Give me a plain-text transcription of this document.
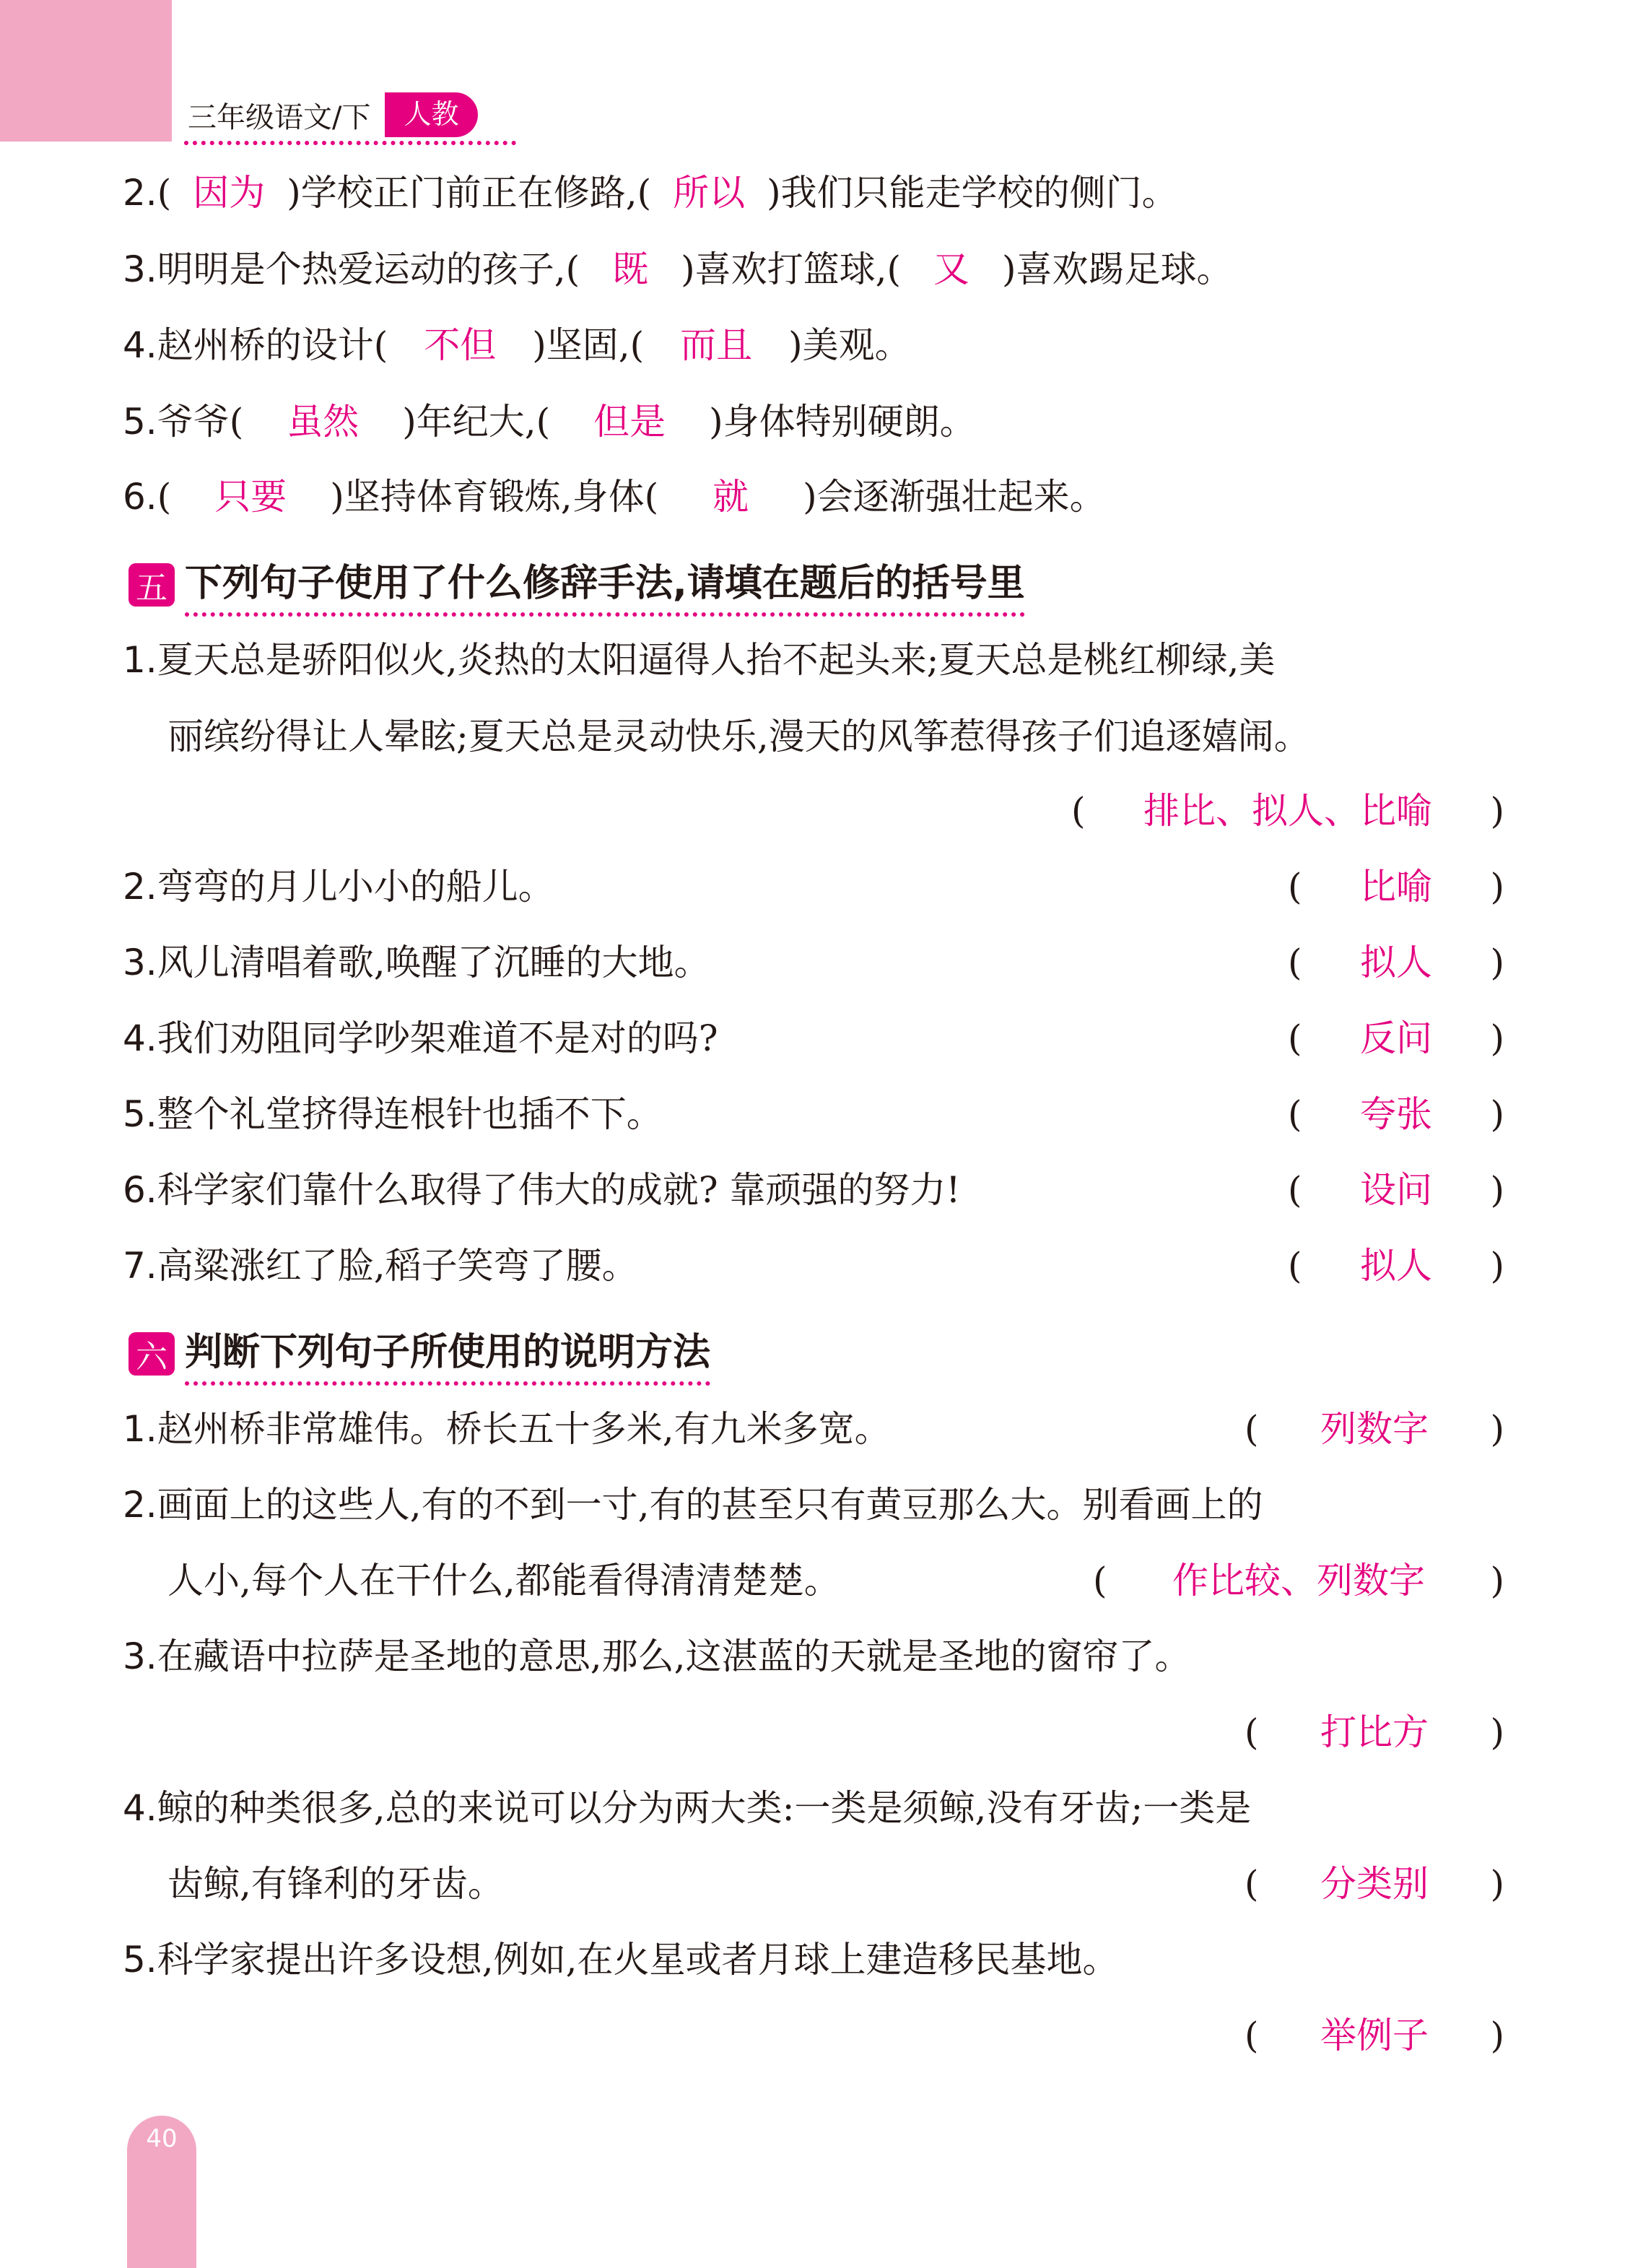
三年级语文/下	人教
2.( 因为 )学校正门前正在修路,( 所以 )我们只能走学校的侧门。
3.明明是个热爱运动的孩子,( 既 )喜欢打篮球,( 又 )喜欢踢足球。
4.赵州桥的设计( 不但 )坚固,( 而且 )美观。
5.爷爷( 虽然 )年纪大,( 但是 )身体特别硬朗。
6.( 只要 )坚持体育锻炼,身体( 就 )会逐渐强壮起来。
五 下列句子使用了什么修辞手法,请填在题后的括号里
1.夏天总是骄阳似火,炎热的太阳逼得人抬不起头来;夏天总是桃红柳绿,美
丽缤纷得让人晕眩;夏天总是灵动快乐,漫天的风筝惹得孩子们追逐嬉闹。
(	排比、拟人、比喻	)
2.弯弯的月儿小小的船儿。	(	比喻	)
3.风儿清唱着歌,唤醒了沉睡的大地。	(	拟人	)
4.我们劝阻同学吵架难道不是对的吗?	(	反问	)
5.整个礼堂挤得连根针也插不下。	(	夸张	)
6.科学家们靠什么取得了伟大的成就? 靠顽强的努力!	(	设问	)
7.高粱涨红了脸,稻子笑弯了腰。	(	拟人	)
六 判断下列句子所使用的说明方法
1.赵州桥非常雄伟。桥长五十多米,有九米多宽。	(	列数字	)
2.画面上的这些人,有的不到一寸,有的甚至只有黄豆那么大。别看画上的
人小,每个人在干什么,都能看得清清楚楚。	(	作比较、列数字	)
3.在藏语中拉萨是圣地的意思,那么,这湛蓝的天就是圣地的窗帘了。
(	打比方	)
4.鲸的种类很多,总的来说可以分为两大类:一类是须鲸,没有牙齿;一类是
齿鲸,有锋利的牙齿。	(	分类别	)
5.科学家提出许多设想,例如,在火星或者月球上建造移民基地。
(	举例子	)
40
